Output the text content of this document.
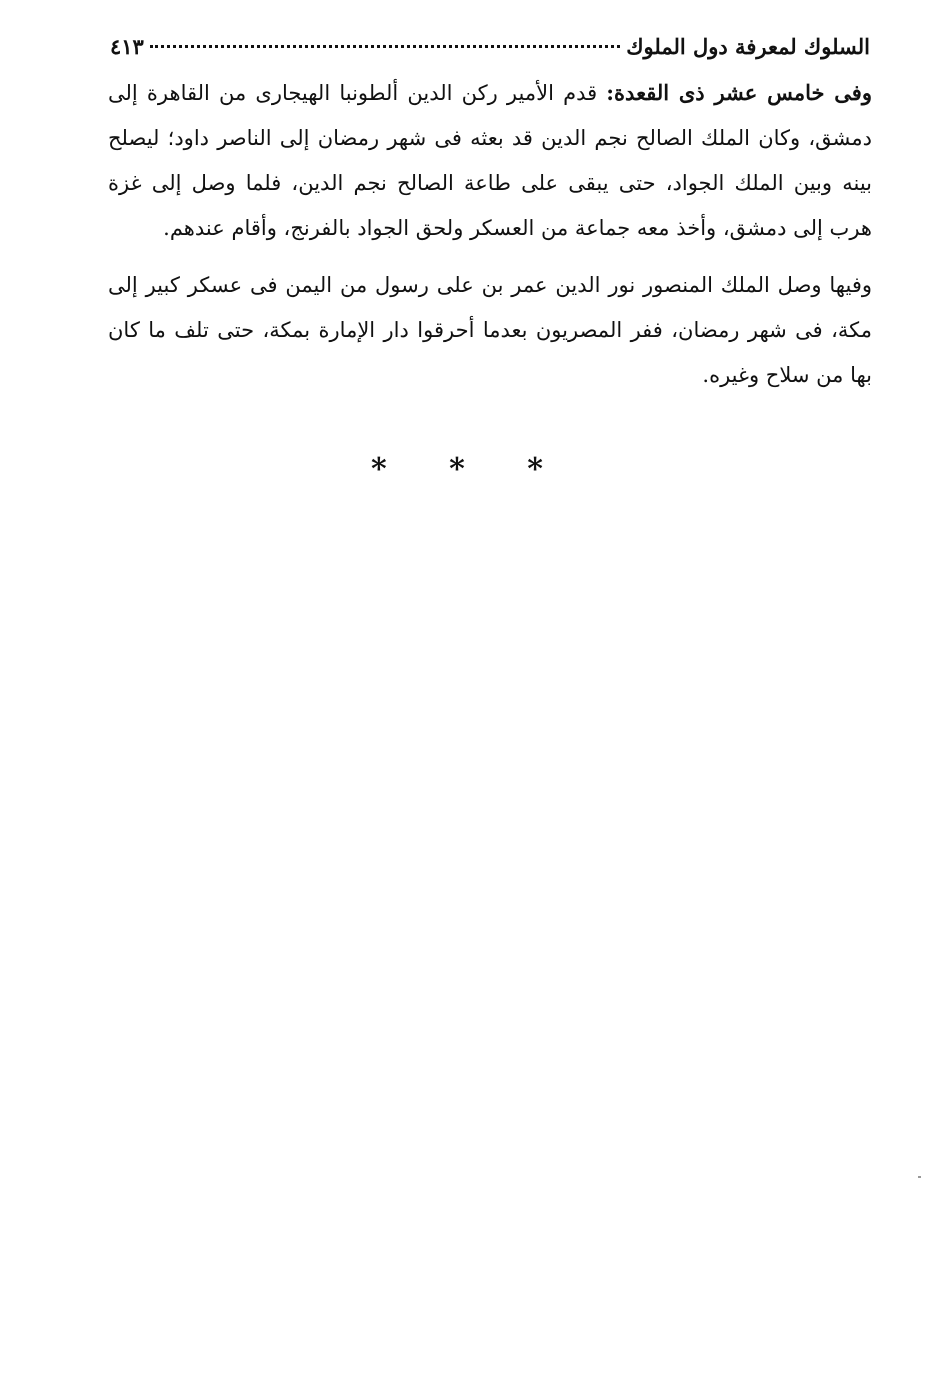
السلوك لمعرفة دول الملوك
٤١٣

وفى خامس عشر ذى القعدة: قدم الأمير ركن الدين ألطونبا الهيجارى من القاهرة إلى دمشق، وكان الملك الصالح نجم الدين قد بعثه فى شهر رمضان إلى الناصر داود؛ ليصلح بينه وبين الملك الجواد، حتى يبقى على طاعة الصالح نجم الدين، فلما وصل إلى غزة هرب إلى دمشق، وأخذ معه جماعة من العسكر ولحق الجواد بالفرنج، وأقام عندهم.

وفيها وصل الملك المنصور نور الدين عمر بن على رسول من اليمن فى عسكر كبير إلى مكة، فى شهر رمضان، ففر المصريون بعدما أحرقوا دار الإمارة بمكة، حتى تلف ما كان بها من سلاح وغيره.

* * *
